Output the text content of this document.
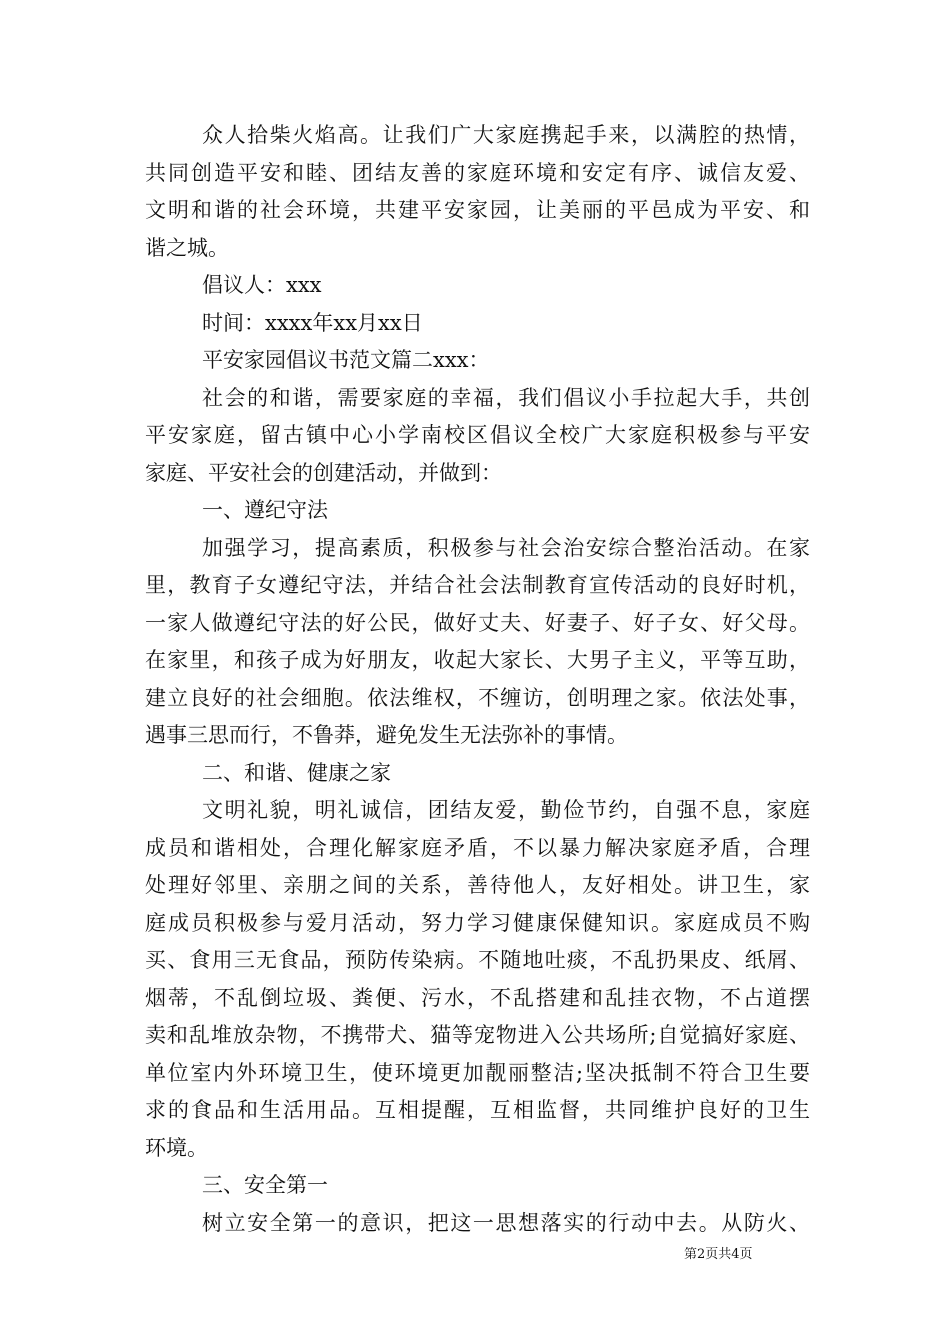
众人拾柴火焰高。让我们广大家庭携起手来，以满腔的热情，
共同创造平安和睦、团结友善的家庭环境和安定有序、诚信友爱、
文明和谐的社会环境，共建平安家园，让美丽的平邑成为平安、和
谐之城。
倡议人：xxx
时间：xxxx年xx月xx日
平安家园倡议书范文篇二xxx：
社会的和谐，需要家庭的幸福，我们倡议小手拉起大手，共创
平安家庭，留古镇中心小学南校区倡议全校广大家庭积极参与平安
家庭、平安社会的创建活动，并做到：
一、遵纪守法
加强学习，提高素质，积极参与社会治安综合整治活动。在家
里，教育子女遵纪守法，并结合社会法制教育宣传活动的良好时机，
一家人做遵纪守法的好公民，做好丈夫、好妻子、好子女、好父母。
在家里，和孩子成为好朋友，收起大家长、大男子主义，平等互助，
建立良好的社会细胞。依法维权，不缠访，创明理之家。依法处事，
遇事三思而行，不鲁莽，避免发生无法弥补的事情。
二、和谐、健康之家
文明礼貌，明礼诚信，团结友爱，勤俭节约，自强不息，家庭
成员和谐相处，合理化解家庭矛盾，不以暴力解决家庭矛盾，合理
处理好邻里、亲朋之间的关系，善待他人，友好相处。讲卫生，家
庭成员积极参与爱月活动，努力学习健康保健知识。家庭成员不购
买、食用三无食品，预防传染病。不随地吐痰，不乱扔果皮、纸屑、
烟蒂，不乱倒垃圾、粪便、污水，不乱搭建和乱挂衣物，不占道摆
卖和乱堆放杂物，不携带犬、猫等宠物进入公共场所;自觉搞好家庭、
单位室内外环境卫生，使环境更加靓丽整洁;坚决抵制不符合卫生要
求的食品和生活用品。互相提醒，互相监督，共同维护良好的卫生
环境。
三、安全第一
树立安全第一的意识，把这一思想落实的行动中去。从防火、
第2页共4页
